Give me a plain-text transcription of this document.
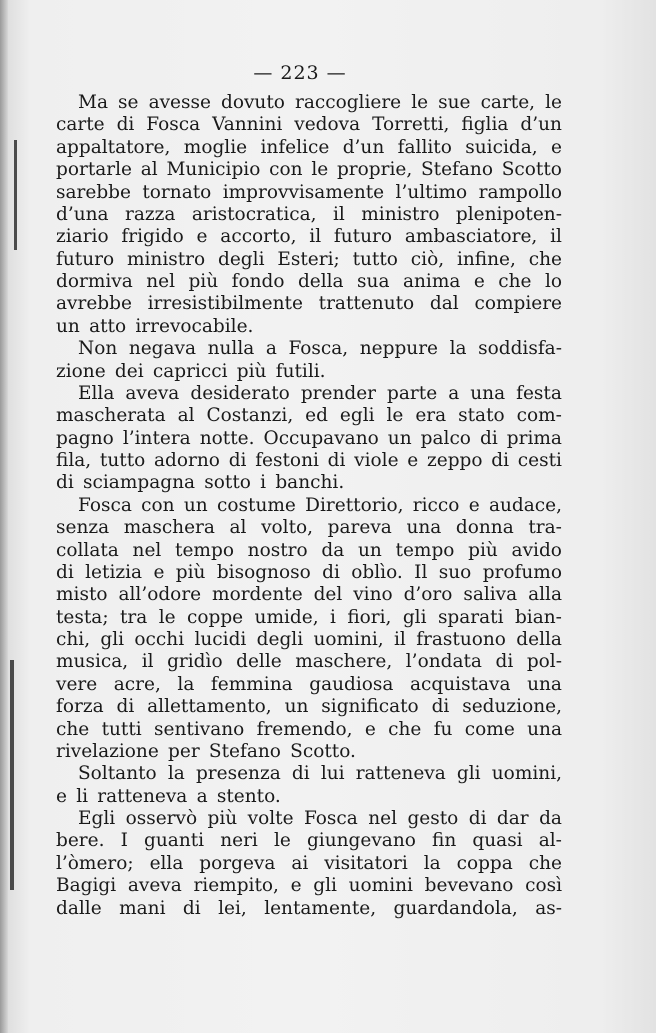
— 223 —
Ma se avesse dovuto raccogliere le sue carte, le
carte di Fosca Vannini vedova Torretti, figlia d’un
appaltatore, moglie infelice d’un fallito suicida, e
portarle al Municipio con le proprie, Stefano Scotto
sarebbe tornato improvvisamente l’ultimo rampollo
d’una razza aristocratica, il ministro plenipoten-
ziario frigido e accorto, il futuro ambasciatore, il
futuro ministro degli Esteri; tutto ciò, infine, che
dormiva nel più fondo della sua anima e che lo
avrebbe irresistibilmente trattenuto dal compiere
un atto irrevocabile.
Non negava nulla a Fosca, neppure la soddisfa-
zione dei capricci più futili.
Ella aveva desiderato prender parte a una festa
mascherata al Costanzi, ed egli le era stato com-
pagno l’intera notte. Occupavano un palco di prima
fila, tutto adorno di festoni di viole e zeppo di cesti
di sciampagna sotto i banchi.
Fosca con un costume Direttorio, ricco e audace,
senza maschera al volto, pareva una donna tra-
collata nel tempo nostro da un tempo più avido
di letizia e più bisognoso di oblìo. Il suo profumo
misto all’odore mordente del vino d’oro saliva alla
testa; tra le coppe umide, i fiori, gli sparati bian-
chi, gli occhi lucidi degli uomini, il frastuono della
musica, il gridìo delle maschere, l’ondata di pol-
vere acre, la femmina gaudiosa acquistava una
forza di allettamento, un significato di seduzione,
che tutti sentivano fremendo, e che fu come una
rivelazione per Stefano Scotto.
Soltanto la presenza di lui ratteneva gli uomini,
e li ratteneva a stento.
Egli osservò più volte Fosca nel gesto di dar da
bere. I guanti neri le giungevano fin quasi al-
l’òmero; ella porgeva ai visitatori la coppa che
Bagigi aveva riempito, e gli uomini bevevano così
dalle mani di lei, lentamente, guardandola, as-
